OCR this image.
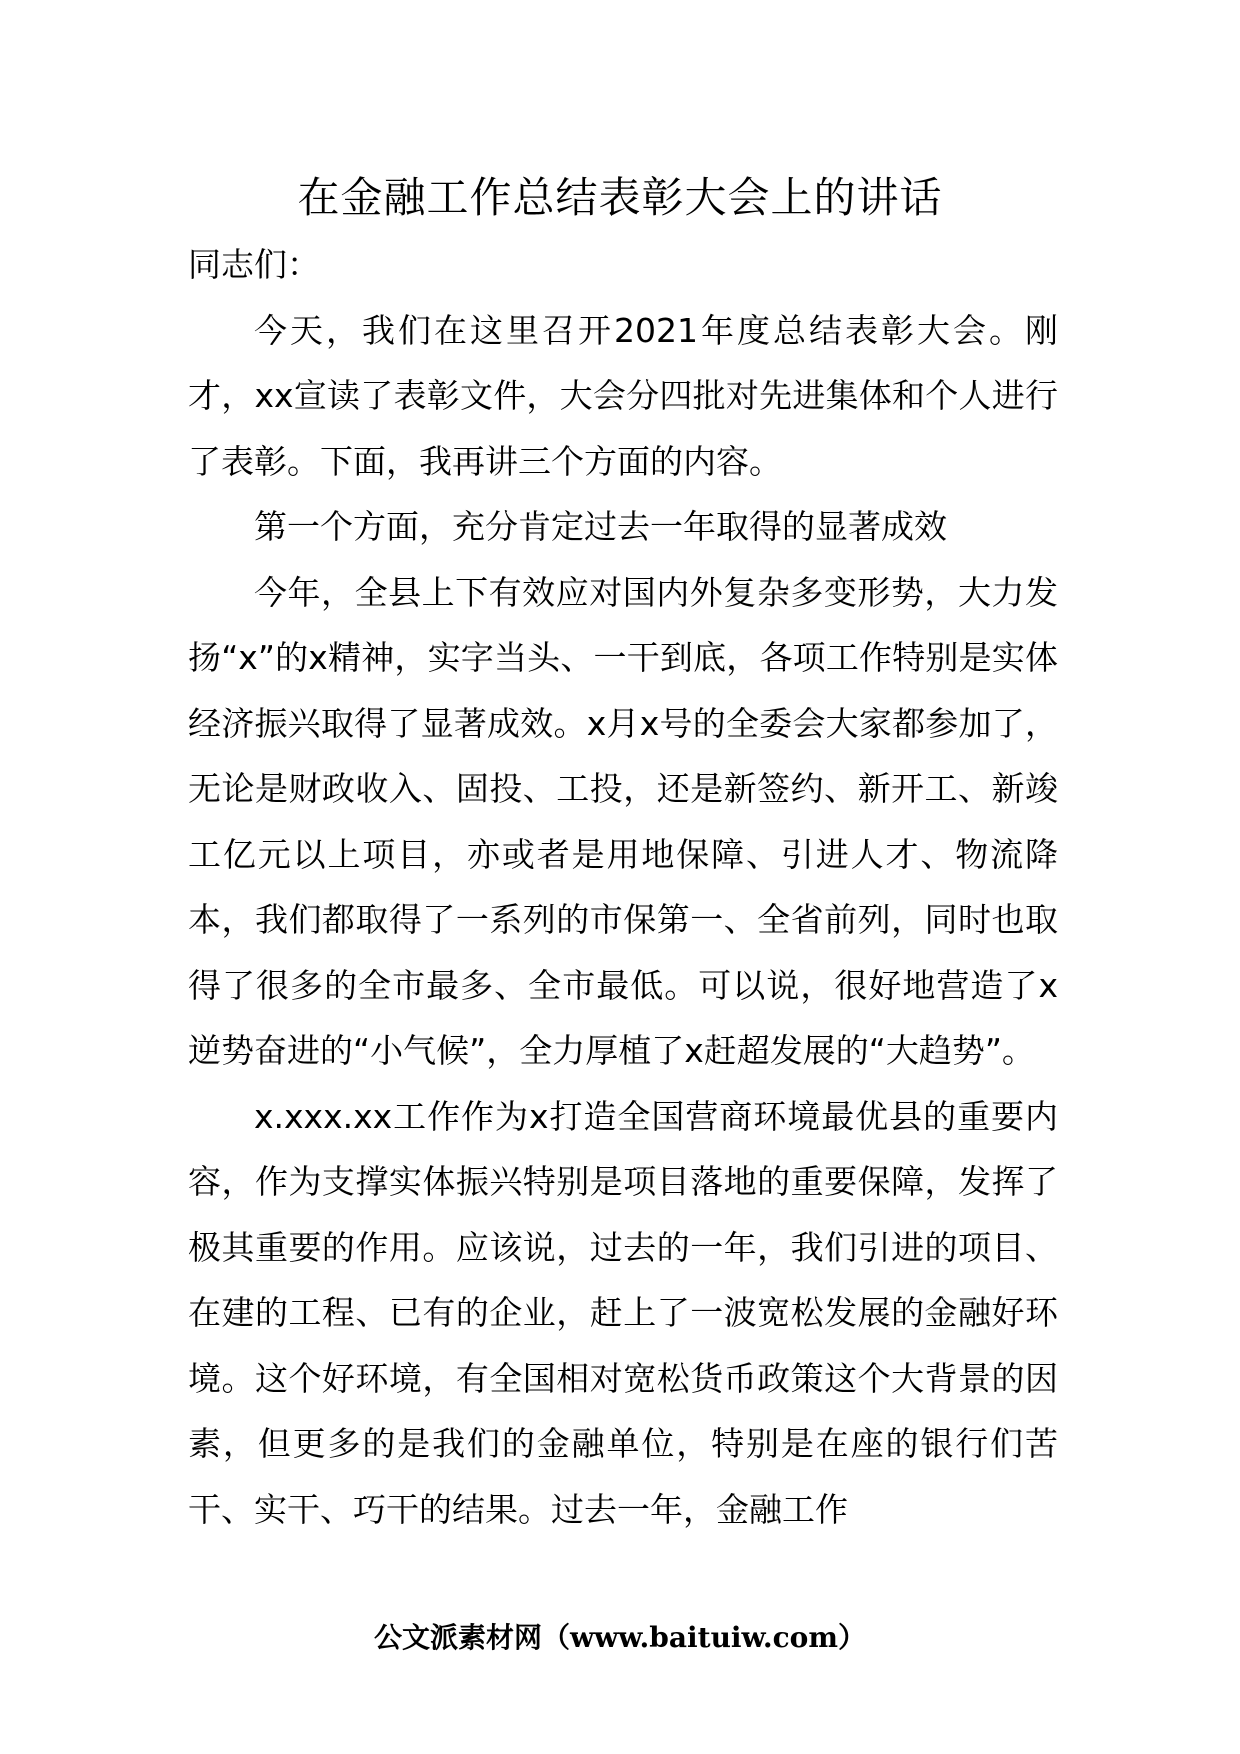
在金融工作总结表彰大会上的讲话

同志们：

今天，我们在这里召开2021年度总结表彰大会。刚才，xx宣读了表彰文件，大会分四批对先进集体和个人进行了表彰。下面，我再讲三个方面的内容。

第一个方面，充分肯定过去一年取得的显著成效

今年，全县上下有效应对国内外复杂多变形势，大力发扬“x”的x精神，实字当头、一干到底，各项工作特别是实体经济振兴取得了显著成效。x月x号的全委会大家都参加了，无论是财政收入、固投、工投，还是新签约、新开工、新竣工亿元以上项目，亦或者是用地保障、引进人才、物流降本，我们都取得了一系列的市保第一、全省前列，同时也取得了很多的全市最多、全市最低。可以说，很好地营造了x逆势奋进的“小气候”，全力厚植了x赶超发展的“大趋势”。

x.xxx.xx工作作为x打造全国营商环境最优县的重要内容，作为支撑实体振兴特别是项目落地的重要保障，发挥了极其重要的作用。应该说，过去的一年，我们引进的项目、在建的工程、已有的企业，赶上了一波宽松发展的金融好环境。这个好环境，有全国相对宽松货币政策这个大背景的因素，但更多的是我们的金融单位，特别是在座的银行们苦干、实干、巧干的结果。过去一年，金融工作

公文派素材网（www.baituiw.com）
